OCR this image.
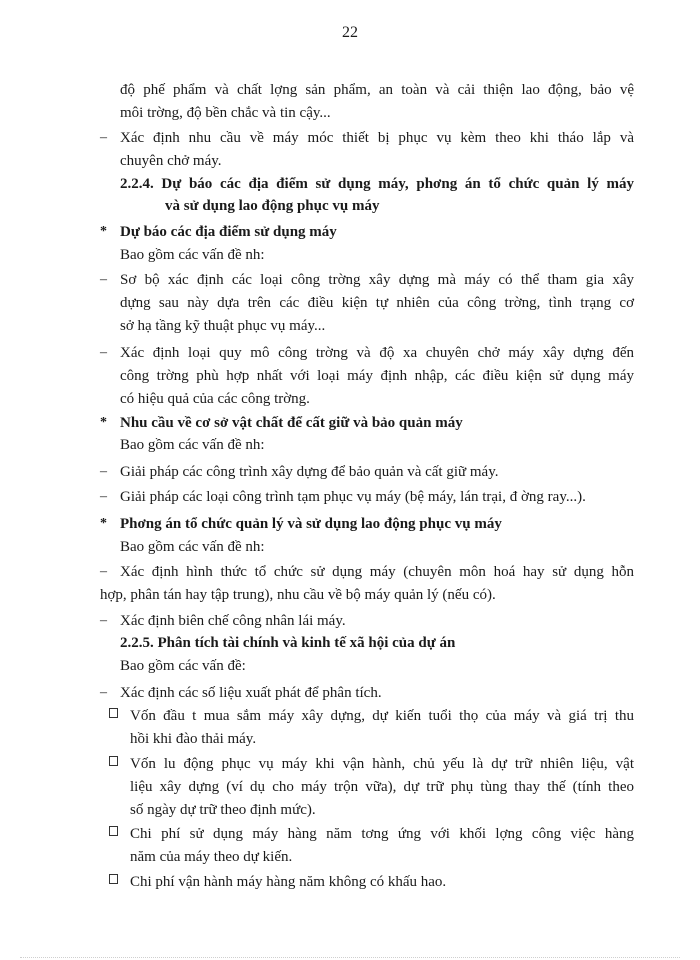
22
độ phế phẩm và chất lợng sản phẩm, an toàn và cải thiện lao động, bảo vệ
môi trờng, độ bền chắc và tin cậy...
– Xác định nhu cầu về máy móc thiết bị phục vụ kèm theo khi tháo lắp và
chuyên chở máy.
2.2.4. Dự báo các địa điểm sử dụng máy, phơng án tổ chức quản lý máy
và sử dụng lao động phục vụ máy
* Dự báo các địa điểm sử dụng máy
Bao gồm các vấn đề nh:
– Sơ bộ xác định các loại công trờng xây dựng mà máy có thể tham gia xây
dựng sau này dựa trên các điều kiện tự nhiên của công trờng, tình trạng cơ
sở hạ tầng kỹ thuật phục vụ máy...
– Xác định loại quy mô công trờng và độ xa chuyên chở máy xây dựng đến
công trờng phù hợp nhất với loại máy định nhập, các điều kiện sử dụng máy
có hiệu quả của các công trờng.
* Nhu cầu về cơ sở vật chất để cất giữ và bảo quản máy
Bao gồm các vấn đề nh:
– Giải pháp các công trình xây dựng để bảo quản và cất giữ máy.
– Giải pháp các loại công trình tạm phục vụ máy (bệ máy, lán trại, đ ờng ray...).
* Phơng án tổ chức quản lý và sử dụng lao động phục vụ máy
Bao gồm các vấn đề nh:
– Xác định hình thức tổ chức sử dụng máy (chuyên môn hoá hay sử dụng hỗn
hợp, phân tán hay tập trung), nhu cầu về bộ máy quản lý (nếu có).
– Xác định biên chế công nhân lái máy.
2.2.5. Phân tích tài chính và kinh tế xã hội của dự án
Bao gồm các vấn đề:
– Xác định các số liệu xuất phát để phân tích.
Vốn đầu t mua sắm máy xây dựng, dự kiến tuổi thọ của máy và giá trị thu
hồi khi đào thải máy.
Vốn lu động phục vụ máy khi vận hành, chủ yếu là dự trữ nhiên liệu, vật
liệu xây dựng (ví dụ cho máy trộn vữa), dự trữ phụ tùng thay thế (tính theo
số ngày dự trữ theo định mức).
Chi phí sử dụng máy hàng năm tơng ứng với khối lợng công việc hàng
năm của máy theo dự kiến.
Chi phí vận hành máy hàng năm không có khấu hao.
